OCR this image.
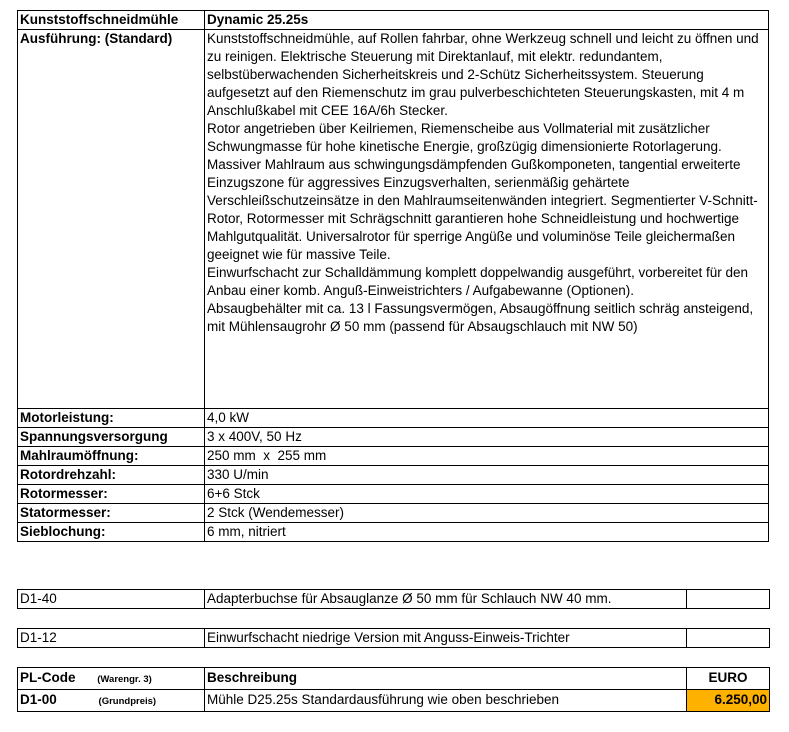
Kunststoffschneidmühle	Dynamic 25.25s
Ausführung: (Standard)	Kunststoffschneidmühle, auf Rollen fahrbar, ohne Werkzeug schnell und leicht zu öffnen und zu reinigen. Elektrische Steuerung mit Direktanlauf, mit elektr. redundantem, selbstüberwachenden Sicherheitskreis und 2-Schütz Sicherheitssystem. Steuerung aufgesetzt auf den Riemenschutz im grau pulverbeschichteten Steuerungskasten, mit 4 m Anschlußkabel mit CEE 16A/6h Stecker.
Rotor angetrieben über Keilriemen, Riemenscheibe aus Vollmaterial mit zusätzlicher Schwungmasse für hohe kinetische Energie, großzügig dimensionierte Rotorlagerung.
Massiver Mahlraum aus schwingungsdämpfenden Gußkomponeten, tangential erweiterte Einzugszone für aggressives Einzugsverhalten, serienmäßig gehärtete Verschleißschutzeinsätze in den Mahlraumseitenwänden integriert. Segmentierter V-Schnitt-Rotor, Rotormesser mit Schrägschnitt garantieren hohe Schneidleistung und hochwertige Mahlgutqualität. Universalrotor für sperrige Angüße und voluminöse Teile gleichermaßen geeignet wie für massive Teile.
Einwurfschacht zur Schalldämmung komplett doppelwandig ausgeführt, vorbereitet für den Anbau einer komb. Anguß-Einweistrichters / Aufgabewanne (Optionen).
Absaugbehälter mit ca. 13 l Fassungsvermögen, Absaugöffnung seitlich schräg ansteigend, mit Mühlensaugrohr Ø 50 mm (passend für Absaugschlauch mit NW 50)
Motorleistung:	4,0 kW
Spannungsversorgung	3 x 400V, 50 Hz
Mahlraumöffnung:	250 mm  x  255 mm
Rotordrehzahl:	330 U/min
Rotormesser:	6+6 Stck
Statormesser:	2 Stck (Wendemesser)
Sieblochung:	6 mm, nitriert
D1-40	Adapterbuchse für Absauglanze Ø 50 mm für Schlauch NW 40 mm.	
D1-12	Einwurfschacht niedrige Version mit Anguss-Einweis-Trichter	
PL-Code (Warengr. 3)	Beschreibung	EURO
D1-00 (Grundpreis)	Mühle D25.25s Standardausführung wie oben beschrieben	6.250,00
